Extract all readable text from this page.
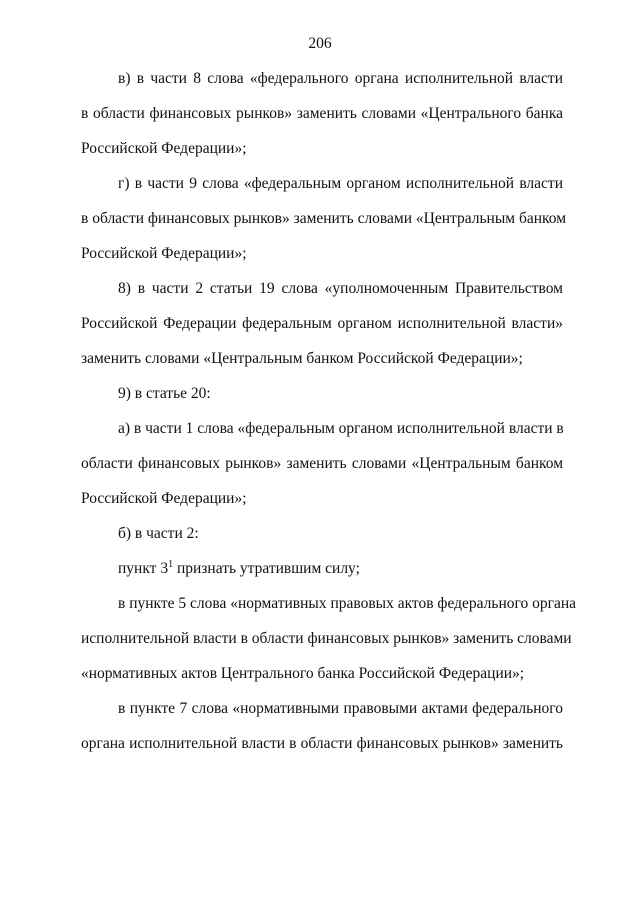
206
в) в части 8 слова «федерального органа исполнительной власти
в области финансовых рынков» заменить словами «Центрального банка
Российской Федерации»;
г) в части 9 слова «федеральным органом исполнительной власти
в области финансовых рынков» заменить словами «Центральным банком
Российской Федерации»;
8) в части 2 статьи 19 слова «уполномоченным Правительством
Российской Федерации федеральным органом исполнительной власти»
заменить словами «Центральным банком Российской Федерации»;
9) в статье 20:
а) в части 1 слова «федеральным органом исполнительной власти в
области финансовых рынков» заменить словами «Центральным банком
Российской Федерации»;
б) в части 2:
пункт $3^1$ признать утратившим силу;
в пункте 5 слова «нормативных правовых актов федерального органа
исполнительной власти в области финансовых рынков» заменить словами
«нормативных актов Центрального банка Российской Федерации»;
в пункте 7 слова «нормативными правовыми актами федерального
органа исполнительной власти в области финансовых рынков» заменить
